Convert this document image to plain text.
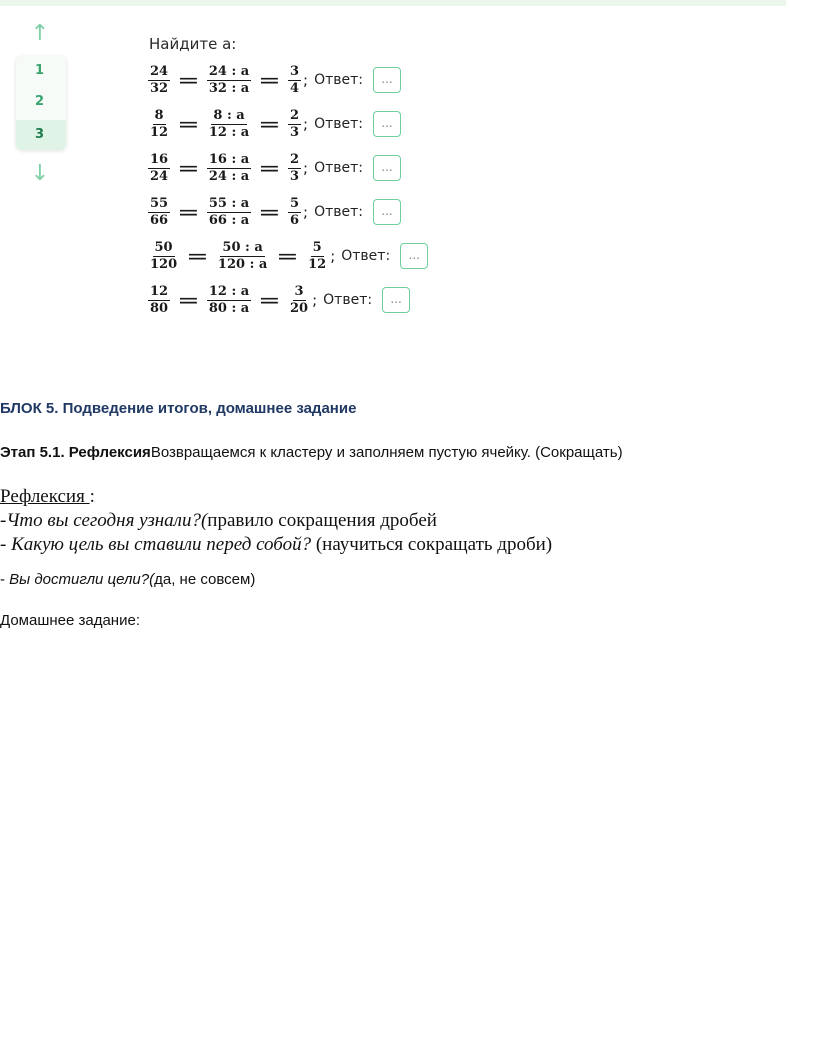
↑
1
2
3
↓
Найдите a:
$\frac{24}{32} = \frac{24 : a}{32 : a} = \frac{3}{4}$ ; Ответ:	...
$\frac{8}{12} = \frac{8 : a}{12 : a} = \frac{2}{3}$ ; Ответ:	...
$\frac{16}{24} = \frac{16 : a}{24 : a} = \frac{2}{3}$ ; Ответ:	...
$\frac{55}{66} = \frac{55 : a}{66 : a} = \frac{5}{6}$ ; Ответ:	...
$\frac{50}{120} = \frac{50 : a}{120 : a} = \frac{5}{12}$ ; Ответ:	...
$\frac{12}{80} = \frac{12 : a}{80 : a} = \frac{3}{20}$ ; Ответ:	...
БЛОК 5. Подведение итогов, домашнее задание
Этап 5.1. РефлексияВозвращаемся к кластеру и заполняем пустую ячейку. (Сокращать)
Рефлексия :
-Что вы сегодня узнали?(правило сокращения дробей
- Какую цель вы ставили перед собой? (научиться сокращать дроби)
- Вы достигли цели?(да, не совсем)
Домашнее задание:
